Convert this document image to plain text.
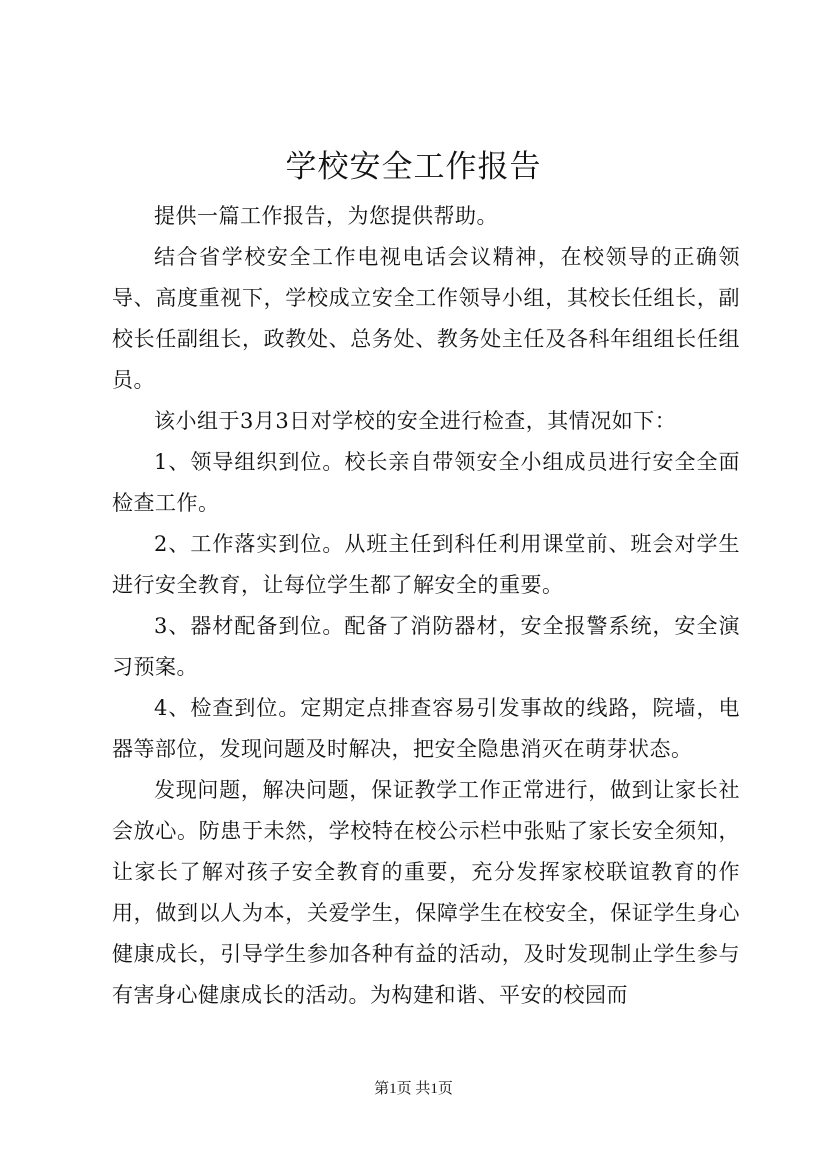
学校安全工作报告

提供一篇工作报告，为您提供帮助。

结合省学校安全工作电视电话会议精神，在校领导的正确领导、高度重视下，学校成立安全工作领导小组，其校长任组长，副校长任副组长，政教处、总务处、教务处主任及各科年组组长任组员。

该小组于3月3日对学校的安全进行检查，其情况如下：

1、领导组织到位。校长亲自带领安全小组成员进行安全全面检查工作。

2、工作落实到位。从班主任到科任利用课堂前、班会对学生进行安全教育，让每位学生都了解安全的重要。

3、器材配备到位。配备了消防器材，安全报警系统，安全演习预案。

4、检查到位。定期定点排查容易引发事故的线路，院墙，电器等部位，发现问题及时解决，把安全隐患消灭在萌芽状态。

发现问题，解决问题，保证教学工作正常进行，做到让家长社会放心。防患于未然，学校特在校公示栏中张贴了家长安全须知，让家长了解对孩子安全教育的重要，充分发挥家校联谊教育的作用，做到以人为本，关爱学生，保障学生在校安全，保证学生身心健康成长，引导学生参加各种有益的活动，及时发现制止学生参与有害身心健康成长的活动。为构建和谐、平安的校园而

第1页 共1页
